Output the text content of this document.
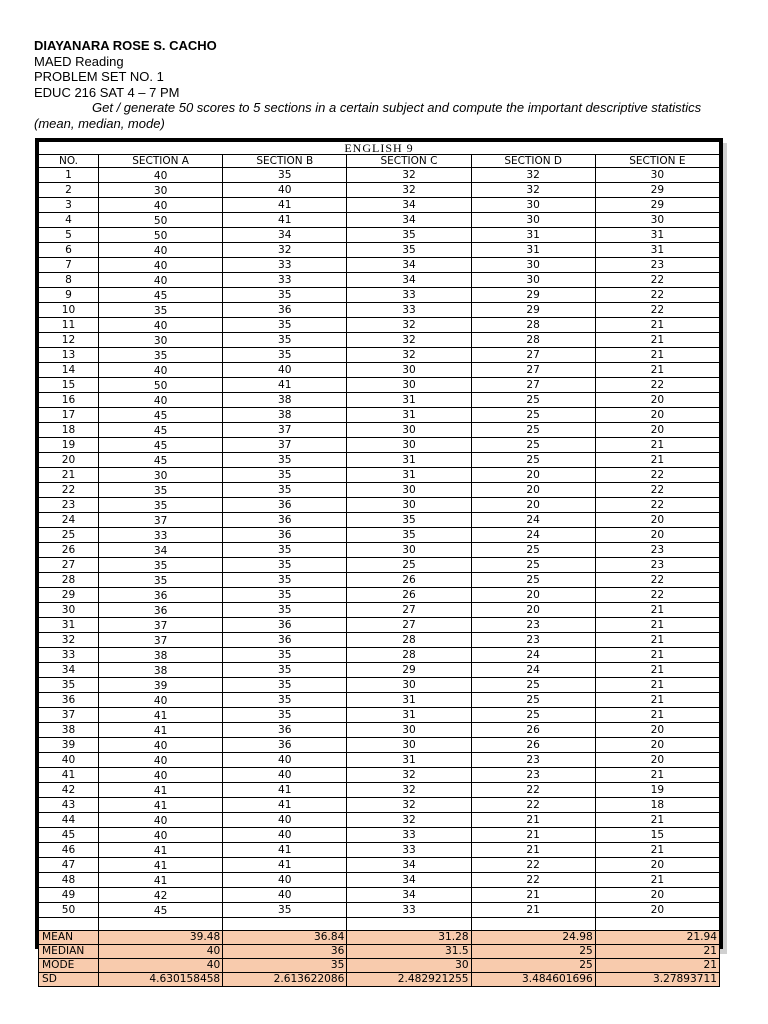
DIAYANARA ROSE S. CACHO
MAED Reading
PROBLEM SET NO. 1
EDUC 216 SAT 4 – 7 PM
Get / generate 50 scores to 5 sections in a certain subject and compute the important descriptive statistics (mean, median, mode)
ENGLISH 9					
NO.	SECTION A	SECTION B	SECTION C	SECTION D	SECTION E
1	40	35	32	32	30
2	30	40	32	32	29
3	40	41	34	30	29
4	50	41	34	30	30
5	50	34	35	31	31
6	40	32	35	31	31
7	40	33	34	30	23
8	40	33	34	30	22
9	45	35	33	29	22
10	35	36	33	29	22
11	40	35	32	28	21
12	30	35	32	28	21
13	35	35	32	27	21
14	40	40	30	27	21
15	50	41	30	27	22
16	40	38	31	25	20
17	45	38	31	25	20
18	45	37	30	25	20
19	45	37	30	25	21
20	45	35	31	25	21
21	30	35	31	20	22
22	35	35	30	20	22
23	35	36	30	20	22
24	37	36	35	24	20
25	33	36	35	24	20
26	34	35	30	25	23
27	35	35	25	25	23
28	35	35	26	25	22
29	36	35	26	20	22
30	36	35	27	20	21
31	37	36	27	23	21
32	37	36	28	23	21
33	38	35	28	24	21
34	38	35	29	24	21
35	39	35	30	25	21
36	40	35	31	25	21
37	41	35	31	25	21
38	41	36	30	26	20
39	40	36	30	26	20
40	40	40	31	23	20
41	40	40	32	23	21
42	41	41	32	22	19
43	41	41	32	22	18
44	40	40	32	21	21
45	40	40	33	21	15
46	41	41	33	21	21
47	41	41	34	22	20
48	41	40	34	22	21
49	42	40	34	21	20
50	45	35	33	21	20

MEAN	39.48	36.84	31.28	24.98	21.94
MEDIAN	40	36	31.5	25	21
MODE	40	35	30	25	21
SD	4.630158458	2.613622086	2.482921255	3.484601696	3.27893711
